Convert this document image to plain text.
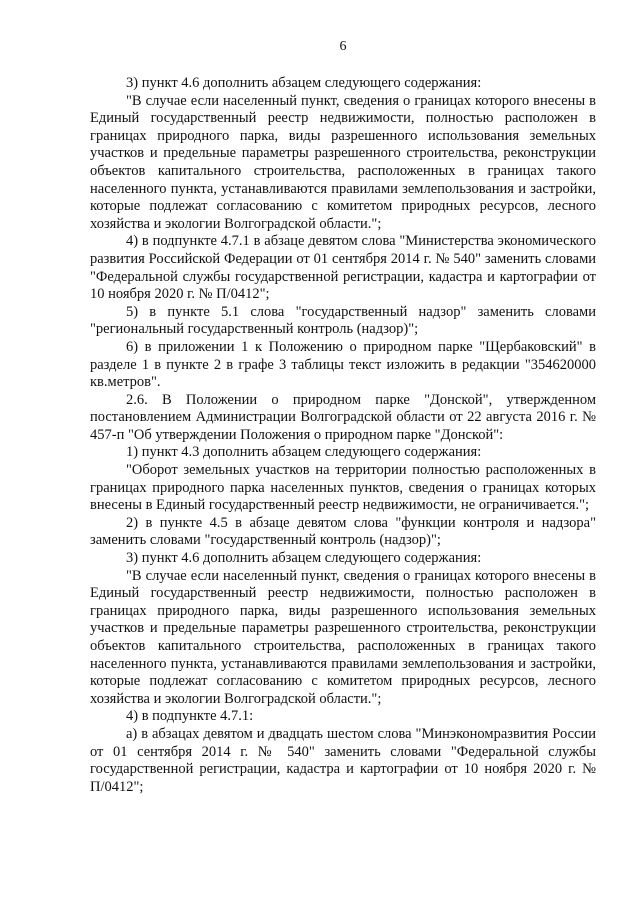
6

3) пункт 4.6 дополнить абзацем следующего содержания:

"В случае если населенный пункт, сведения о границах которого внесены в Единый государственный реестр недвижимости, полностью расположен в границах природного парка, виды разрешенного использования земельных участков и предельные параметры разрешенного строительства, реконструкции объектов капитального строительства, расположенных в границах такого населенного пункта, устанавливаются правилами землепользования и застройки, которые подлежат согласованию с комитетом природных ресурсов, лесного хозяйства и экологии Волгоградской области.";

4) в подпункте 4.7.1 в абзаце девятом слова "Министерства экономического развития Российской Федерации от 01 сентября 2014 г. № 540" заменить словами "Федеральной службы государственной регистрации, кадастра и картографии от 10 ноября 2020 г. № П/0412";

5) в пункте 5.1 слова "государственный надзор" заменить словами "региональный государственный контроль (надзор)";

6) в приложении 1 к Положению о природном парке "Щербаковский" в разделе 1 в пункте 2 в графе 3 таблицы текст изложить в редакции "354620000 кв.метров".

2.6. В Положении о природном парке "Донской", утвержденном постановлением Администрации Волгоградской области от 22 августа 2016 г. № 457-п "Об утверждении Положения о природном парке "Донской":

1) пункт 4.3 дополнить абзацем следующего содержания:

"Оборот земельных участков на территории полностью расположенных в границах природного парка населенных пунктов, сведения о границах которых внесены в Единый государственный реестр недвижимости, не ограничивается.";

2) в пункте 4.5 в абзаце девятом слова "функции контроля и надзора" заменить словами "государственный контроль (надзор)";

3) пункт 4.6 дополнить абзацем следующего содержания:

"В случае если населенный пункт, сведения о границах которого внесены в Единый государственный реестр недвижимости, полностью расположен в границах природного парка, виды разрешенного использования земельных участков и предельные параметры разрешенного строительства, реконструкции объектов капитального строительства, расположенных в границах такого населенного пункта, устанавливаются правилами землепользования и застройки, которые подлежат согласованию с комитетом природных ресурсов, лесного хозяйства и экологии Волгоградской области.";

4) в подпункте 4.7.1:

а) в абзацах девятом и двадцать шестом слова "Минэкономразвития России от 01 сентября 2014 г. № 540" заменить словами "Федеральной службы государственной регистрации, кадастра и картографии от 10 ноября 2020 г. № П/0412";
